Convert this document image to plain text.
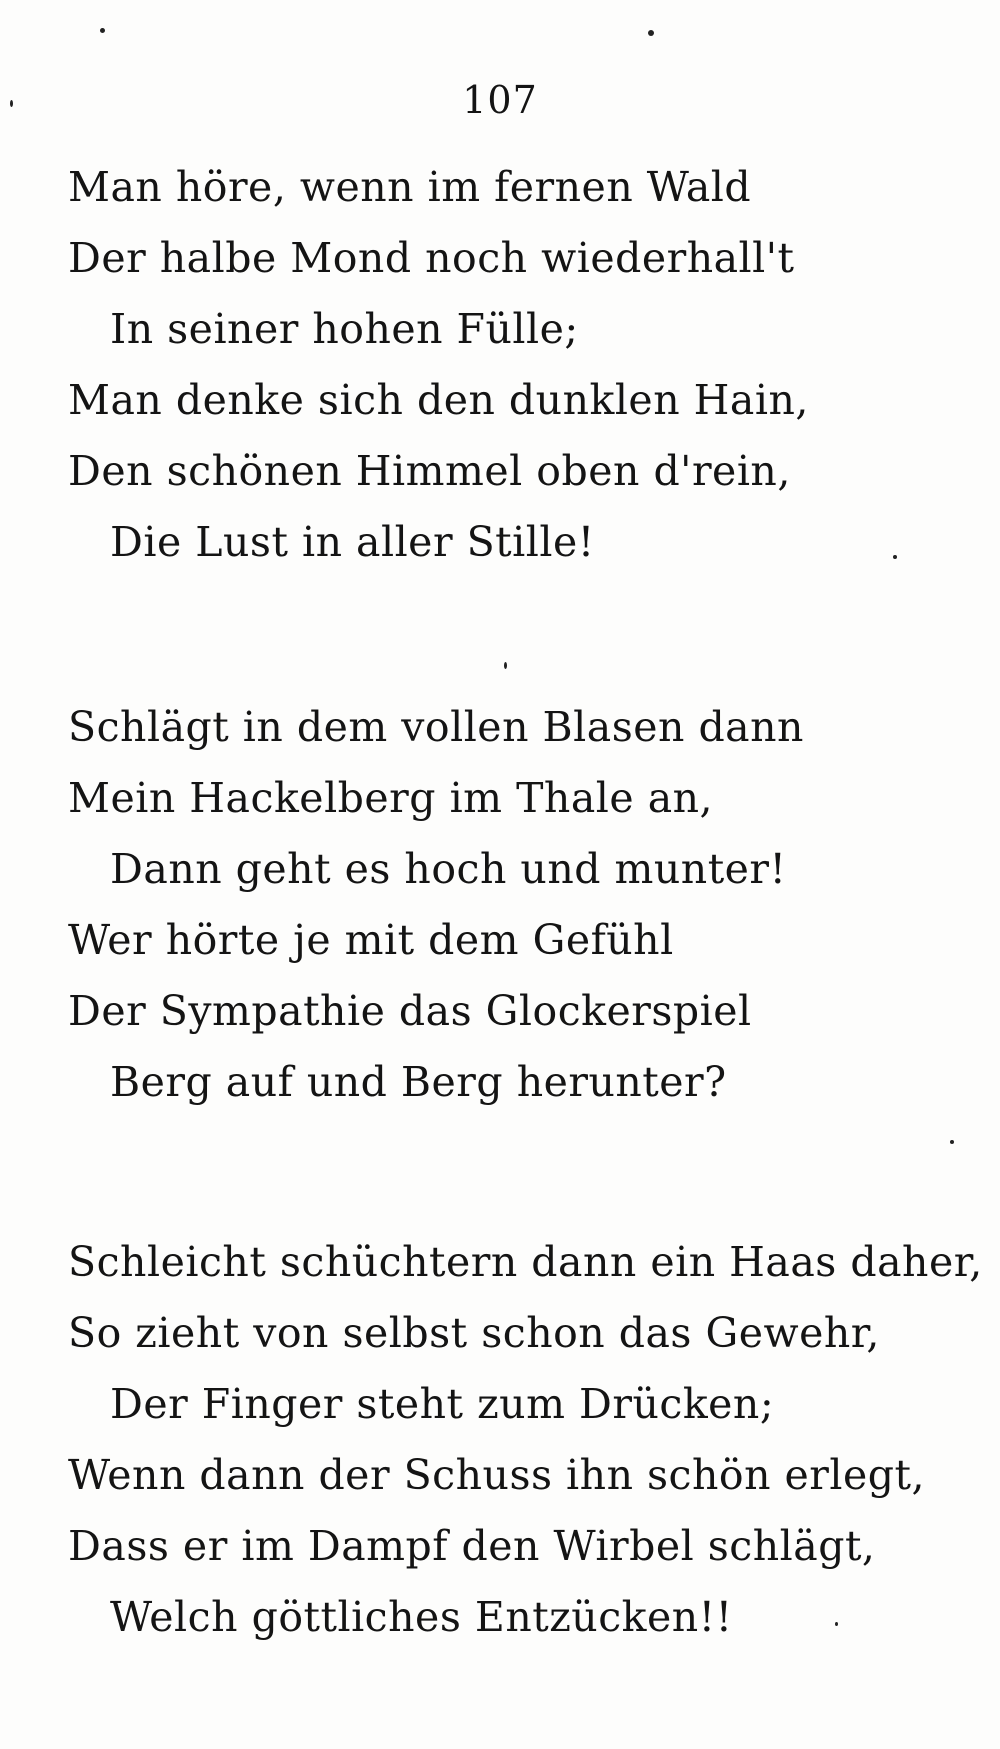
107
Man höre, wenn im fernen Wald
Der halbe Mond noch wiederhall't
In seiner hohen Fülle;
Man denke sich den dunklen Hain,
Den schönen Himmel oben d'rein,
Die Lust in aller Stille!
Schlägt in dem vollen Blasen dann
Mein Hackelberg im Thale an,
Dann geht es hoch und munter!
Wer hörte je mit dem Gefühl
Der Sympathie das Glockerspiel
Berg auf und Berg herunter?
Schleicht schüchtern dann ein Haas daher,
So zieht von selbst schon das Gewehr,
Der Finger steht zum Drücken;
Wenn dann der Schuss ihn schön erlegt,
Dass er im Dampf den Wirbel schlägt,
Welch göttliches Entzücken!!
